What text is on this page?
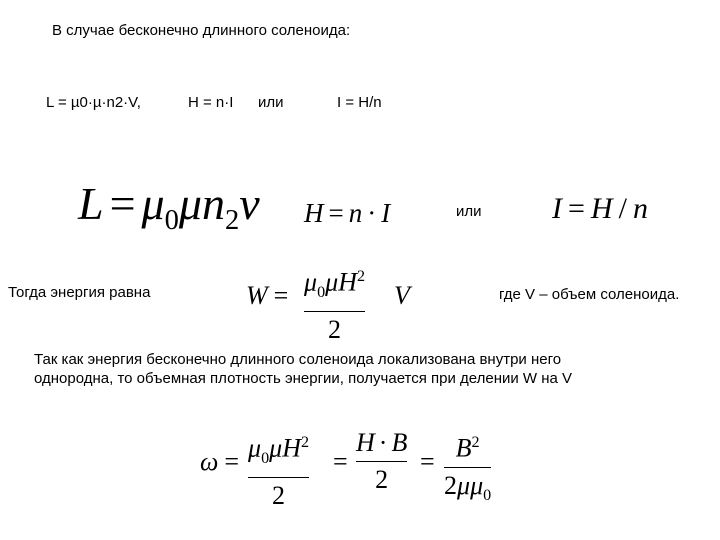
В случае бесконечно длинного соленоида:
L = µ0·µ·n2·V,	H = n·I или	I = H/n
$L = \mu_0\mu n_2v$ H = n · I	или I = H / n
Тогда энергия равна	$W = \mu_0\mu H^2$
2
V	где V – объем соленоида.
Так как энергия бесконечно длинного соленоида локализована внутри него
однородна, то объемная плотность энергии, получается при делении W на V
$\omega = \mu_0\mu H^2$
2
=
H · B
2
= $B^2$
$2\mu\mu_0$
